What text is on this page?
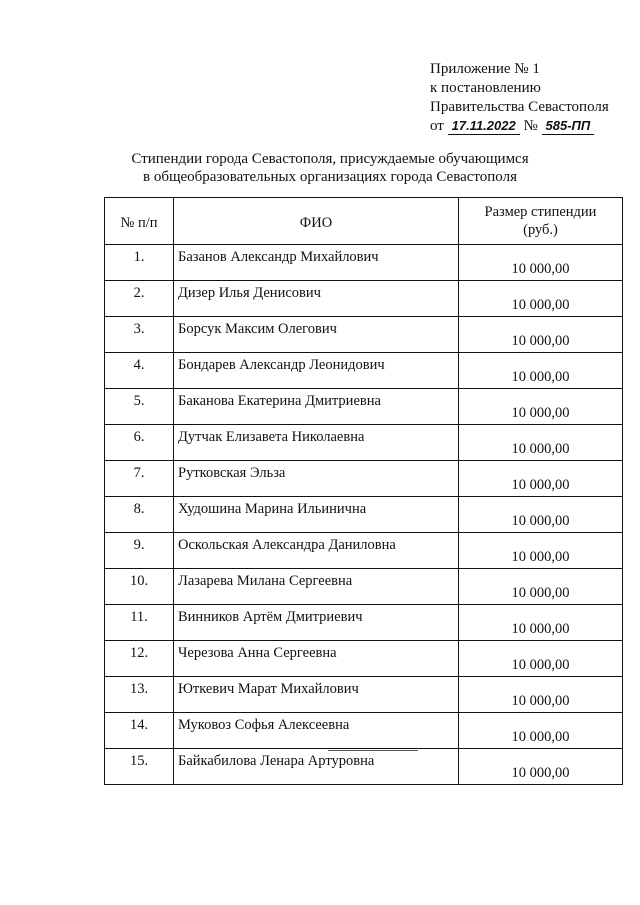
Приложение № 1
к постановлению
Правительства Севастополя
от 17.11.2022 № 585-ПП
Стипендии города Севастополя, присуждаемые обучающимся
в общеобразовательных организациях города Севастополя
№ п/п	ФИО	Размер стипендии
(руб.)

1.	Базанов Александр Михайлович	10 000,00
2.	Дизер Илья Денисович	10 000,00
3.	Борсук Максим Олегович	10 000,00
4.	Бондарев Александр Леонидович	10 000,00
5.	Баканова Екатерина Дмитриевна	10 000,00
6.	Дутчак Елизавета Николаевна	10 000,00
7.	Рутковская Эльза	10 000,00
8.	Худошина Марина Ильинична	10 000,00
9.	Оскольская Александра Даниловна	10 000,00
10.	Лазарева Милана Сергеевна	10 000,00
11.	Винников Артём Дмитриевич	10 000,00
12.	Черезова Анна Сергеевна	10 000,00
13.	Юткевич Марат Михайлович	10 000,00
14.	Муковоз Софья Алексеевна	10 000,00
15.	Байкабилова Ленара Артуровна	10 000,00
